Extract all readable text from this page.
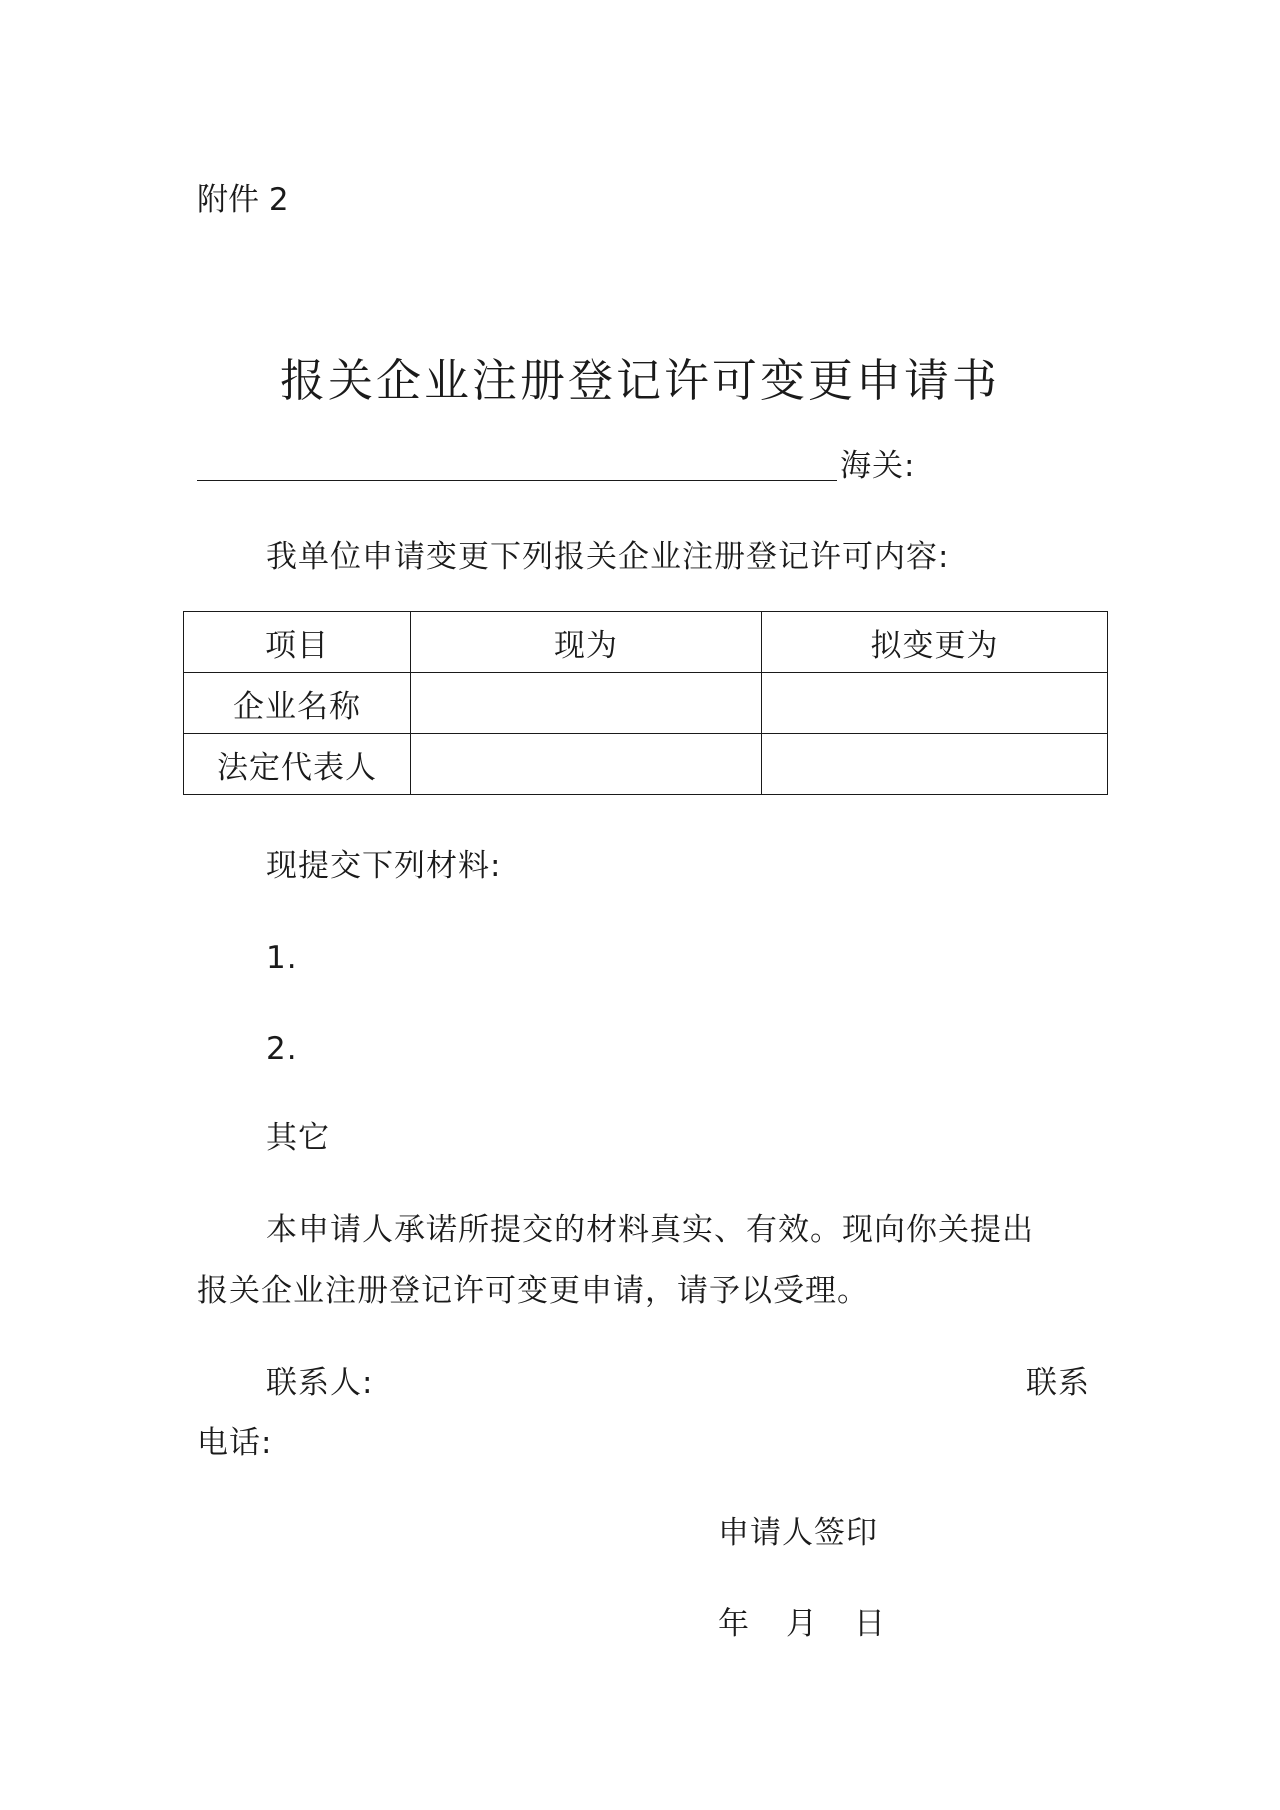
附件 2
报关企业注册登记许可变更申请书
海关:
我单位申请变更下列报关企业注册登记许可内容:
项目	现为	拟变更为
企业名称		
法定代表人		
现提交下列材料:
1.
2.
其它
本申请人承诺所提交的材料真实、有效。现向你关提出
报关企业注册登记许可变更申请，请予以受理。
联系人:	联系
电话:
申请人签印
年 月 日
